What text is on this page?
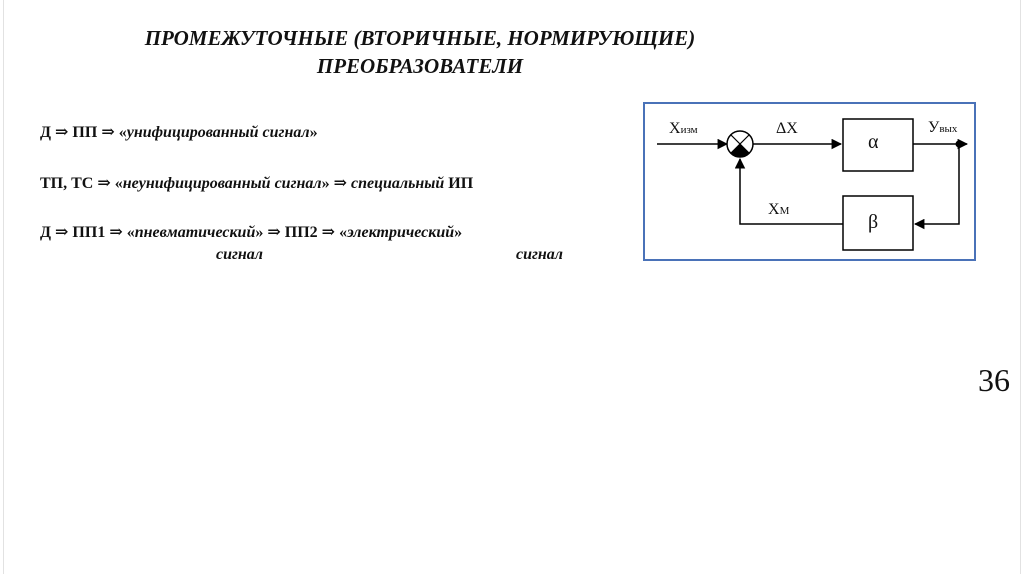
ПРОМЕЖУТОЧНЫЕ (ВТОРИЧНЫЕ, НОРМИРУЮЩИЕ)
ПРЕОБРАЗОВАТЕЛИ
Д ⇒ ПП ⇒ «унифицированный сигнал»
ТП, ТС ⇒ «неунифицированный сигнал» ⇒ специальный ИП
Д ⇒ ПП1 ⇒ «пневматический» ⇒ ПП2 ⇒ «электрический»
сигнал	сигнал
Xизм	ΔX	Увых
XМ
α
β
36
